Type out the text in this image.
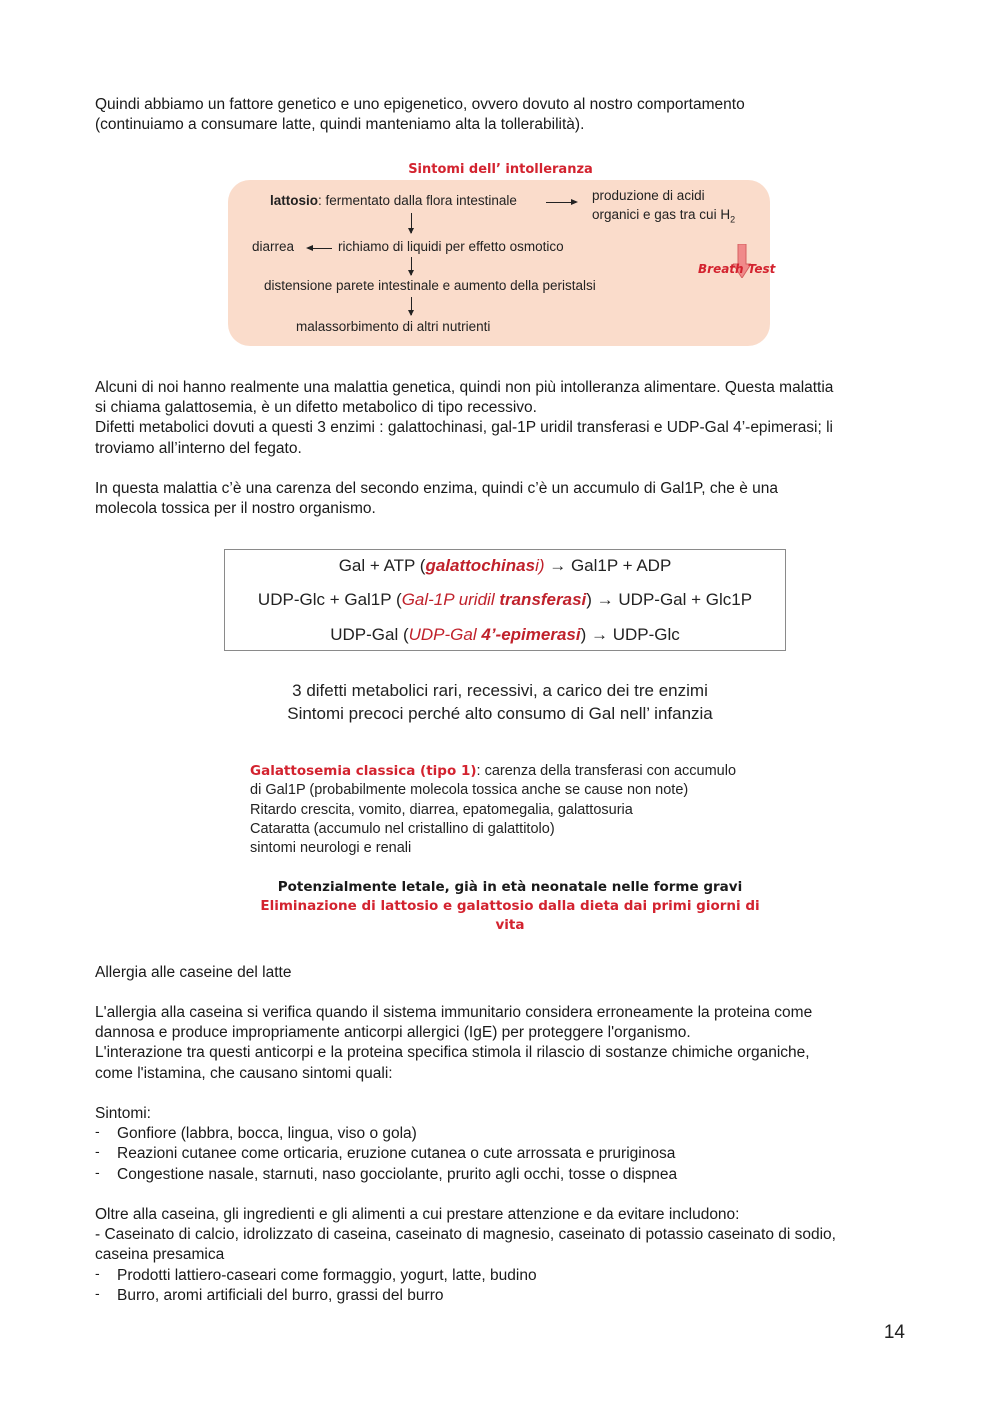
Quindi abbiamo un fattore genetico e uno epigenetico, ovvero dovuto al nostro comportamento

(continuiamo a consumare latte, quindi manteniamo alta la tollerabilità).

Sintomi dell’ intolleranza
lattosio: fermentato dalla flora intestinale	produzione di acidi
organici e gas tra cui $H_2$
diarrea	richiamo di liquidi per effetto osmotico
Breath Test
distensione parete intestinale e aumento della peristalsi
malassorbimento di altri nutrienti

Alcuni di noi hanno realmente una malattia genetica, quindi non più intolleranza alimentare. Questa malattia

si chiama galattosemia, è un difetto metabolico di tipo recessivo.

Difetti metabolici dovuti a questi 3 enzimi : galattochinasi, gal-1P uridil transferasi e UDP-Gal 4’-epimerasi; li

troviamo all’interno del fegato.

In questa malattia c’è una carenza del secondo enzima, quindi c’è un accumulo di Gal1P, che è una

molecola tossica per il nostro organismo.

Gal + ATP (galattochinasi) → Gal1P + ADP
UDP-Glc + Gal1P (Gal-1P uridil transferasi) → UDP-Gal + Glc1P
UDP-Gal (UDP-Gal 4’-epimerasi) → UDP-Glc
3 difetti metabolici rari, recessivi, a carico dei tre enzimi
Sintomi precoci perché alto consumo di Gal nell’ infanzia

Galattosemia classica (tipo 1): carenza della transferasi con accumulo

di Gal1P (probabilmente molecola tossica anche se cause non note)

Ritardo crescita, vomito, diarrea, epatomegalia, galattosuria

Cataratta (accumulo nel cristallino di galattitolo)

sintomi neurologi e renali

Potenzialmente letale, già in età neonatale nelle forme gravi
Eliminazione di lattosio e galattosio dalla dieta dai primi giorni di
vita
Allergia alle caseine del latte

L'allergia alla caseina si verifica quando il sistema immunitario considera erroneamente la proteina come

dannosa e produce impropriamente anticorpi allergici (IgE) per proteggere l'organismo.

L'interazione tra questi anticorpi e la proteina specifica stimola il rilascio di sostanze chimiche organiche,

come l'istamina, che causano sintomi quali:

Sintomi:

- Gonfiore (labbra, bocca, lingua, viso o gola)
- Reazioni cutanee come orticaria, eruzione cutanea o cute arrossata e pruriginosa
- Congestione nasale, starnuti, naso gocciolante, prurito agli occhi, tosse o dispnea

Oltre alla caseina, gli ingredienti e gli alimenti a cui prestare attenzione e da evitare includono:

- Caseinato di calcio, idrolizzato di caseina, caseinato di magnesio, caseinato di potassio caseinato di sodio,

caseina presamica

- Prodotti lattiero-caseari come formaggio, yogurt, latte, budino
- Burro, aromi artificiali del burro, grassi del burro
14
